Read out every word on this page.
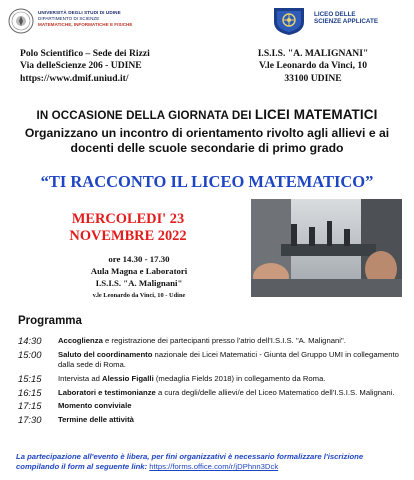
UNIVERSITÀ DEGLI STUDI DI UDINE
DIPARTIMENTO DI SCIENZE
MATEMATICHE, INFORMATICHE E FISICHE
LICEO DELLE
SCIENZE APPLICATE
Polo Scientifico – Sede dei Rizzi
Via delleScienze 206 - UDINE
https://www.dmif.uniud.it/
I.S.I.S. "A. MALIGNANI"
V.le Leonardo da Vinci, 10
33100 UDINE
IN OCCASIONE DELLA GIORNATA DEI LICEI MATEMATICI
Organizzano un incontro di orientamento rivolto agli allievi e ai
docenti delle scuole secondarie di primo grado
“TI RACCONTO IL LICEO MATEMATICO”
MERCOLEDI' 23
NOVEMBRE 2022
ore 14.30 - 17.30
Aula Magna e Laboratori
I.S.I.S. "A. Malignani"
v.le Leonardo da Vinci, 10 - Udine
Programma
14:30	Accoglienza e registrazione dei partecipanti presso l'atrio dell'I.S.I.S. "A. Malignani".
15:00	Saluto del coordinamento nazionale dei Licei Matematici - Giunta del Gruppo UMI in collegamento dalla sede di Roma.
15:15	Intervista ad Alessio Figalli (medaglia Fields 2018) in collegamento da Roma.
16:15	Laboratori e testimonianze a cura degli/delle allievi/e del Liceo Matematico dell'I.S.I.S. Malignani.
17:15	Momento conviviale
17:30	Termine delle attività
La partecipazione all'evento è libera, per fini organizzativi è necessario formalizzare l'iscrizione compilando il form al seguente link: https://forms.office.com/r/jDPhnn3Dck
